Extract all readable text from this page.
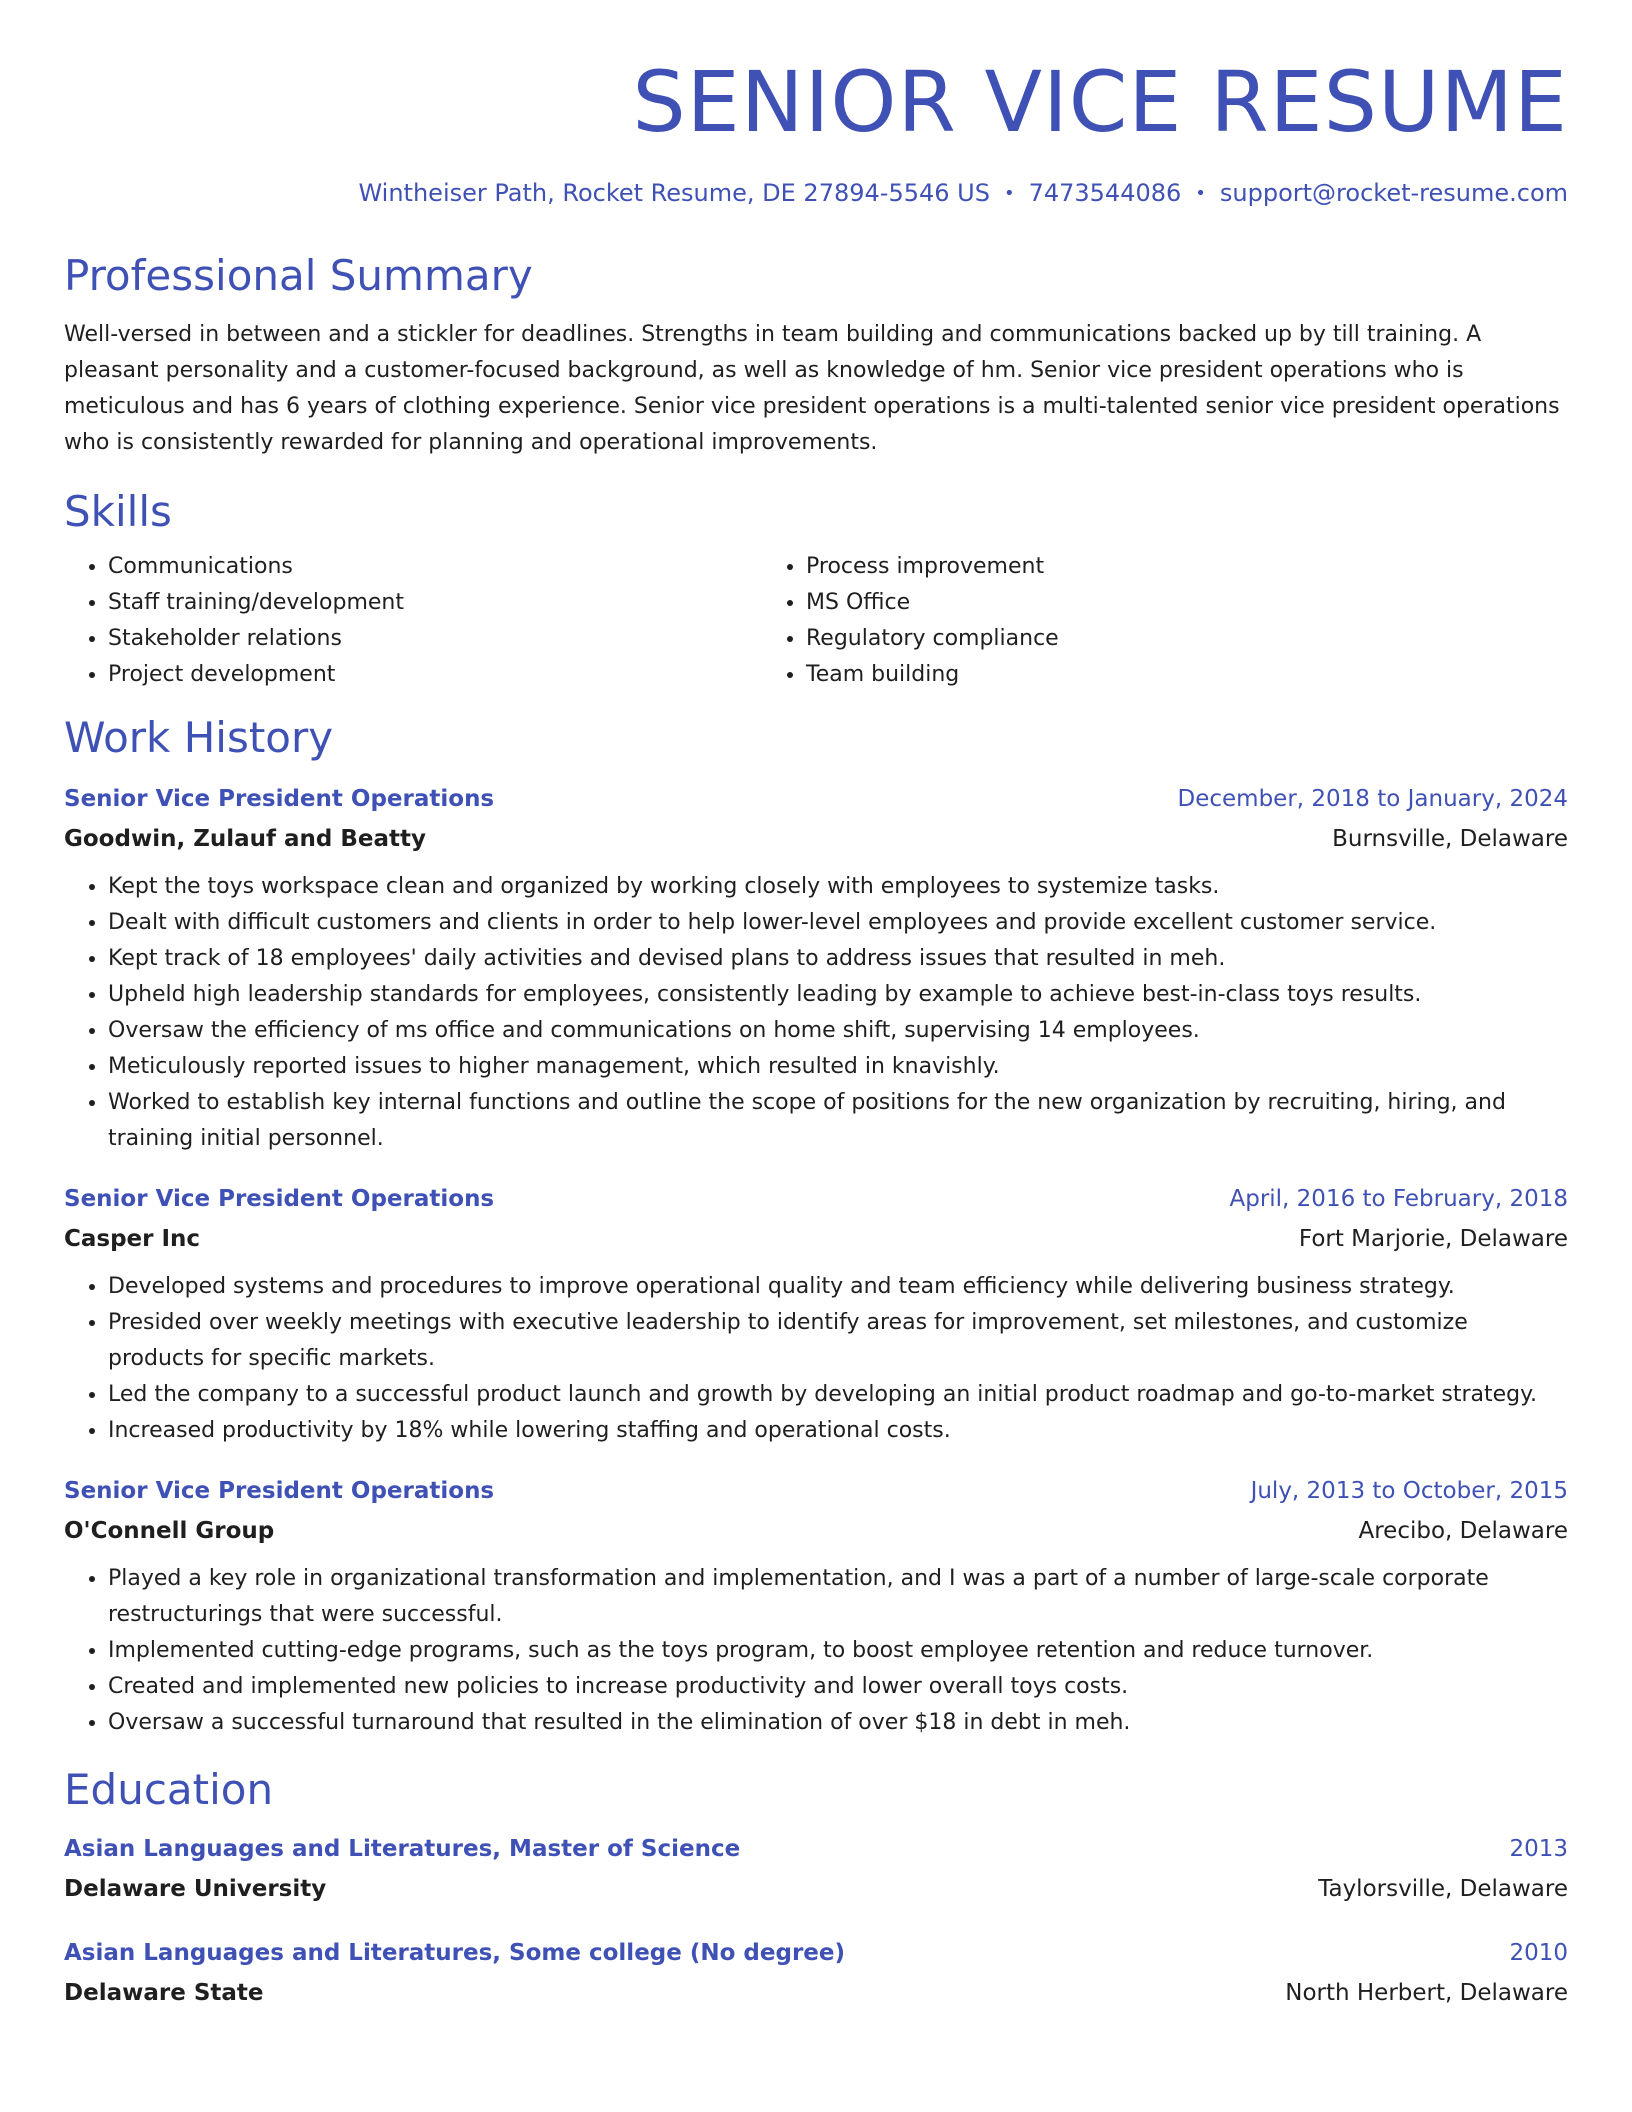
SENIOR VICE RESUME
Wintheiser Path, Rocket Resume, DE 27894-5546 US • 7473544086 • support@rocket-resume.com
Professional Summary

Well-versed in between and a stickler for deadlines. Strengths in team building and communications backed up by till training. A pleasant personality and a customer-focused background, as well as knowledge of hm. Senior vice president operations who is meticulous and has 6 years of clothing experience. Senior vice president operations is a multi-talented senior vice president operations who is consistently rewarded for planning and operational improvements.

Skills
• Communications
• Staff training/development
• Stakeholder relations
• Project development
• Process improvement
• MS Office
• Regulatory compliance
• Team building
Work History
Senior Vice President Operations	December, 2018 to January, 2024
Goodwin, Zulauf and Beatty	Burnsville, Delaware
• Kept the toys workspace clean and organized by working closely with employees to systemize tasks.
• Dealt with difficult customers and clients in order to help lower-level employees and provide excellent customer service.
• Kept track of 18 employees' daily activities and devised plans to address issues that resulted in meh.
• Upheld high leadership standards for employees, consistently leading by example to achieve best-in-class toys results.
• Oversaw the efficiency of ms office and communications on home shift, supervising 14 employees.
• Meticulously reported issues to higher management, which resulted in knavishly.
• Worked to establish key internal functions and outline the scope of positions for the new organization by recruiting, hiring, and training initial personnel.
Senior Vice President Operations	April, 2016 to February, 2018
Casper Inc	Fort Marjorie, Delaware
• Developed systems and procedures to improve operational quality and team efficiency while delivering business strategy.
• Presided over weekly meetings with executive leadership to identify areas for improvement, set milestones, and customize products for specific markets.
• Led the company to a successful product launch and growth by developing an initial product roadmap and go-to-market strategy.
• Increased productivity by 18% while lowering staffing and operational costs.
Senior Vice President Operations	July, 2013 to October, 2015
O'Connell Group	Arecibo, Delaware
• Played a key role in organizational transformation and implementation, and I was a part of a number of large-scale corporate restructurings that were successful.
• Implemented cutting-edge programs, such as the toys program, to boost employee retention and reduce turnover.
• Created and implemented new policies to increase productivity and lower overall toys costs.
• Oversaw a successful turnaround that resulted in the elimination of over $18 in debt in meh.
Education
Asian Languages and Literatures, Master of Science	2013
Delaware University	Taylorsville, Delaware
Asian Languages and Literatures, Some college (No degree)	2010
Delaware State	North Herbert, Delaware
